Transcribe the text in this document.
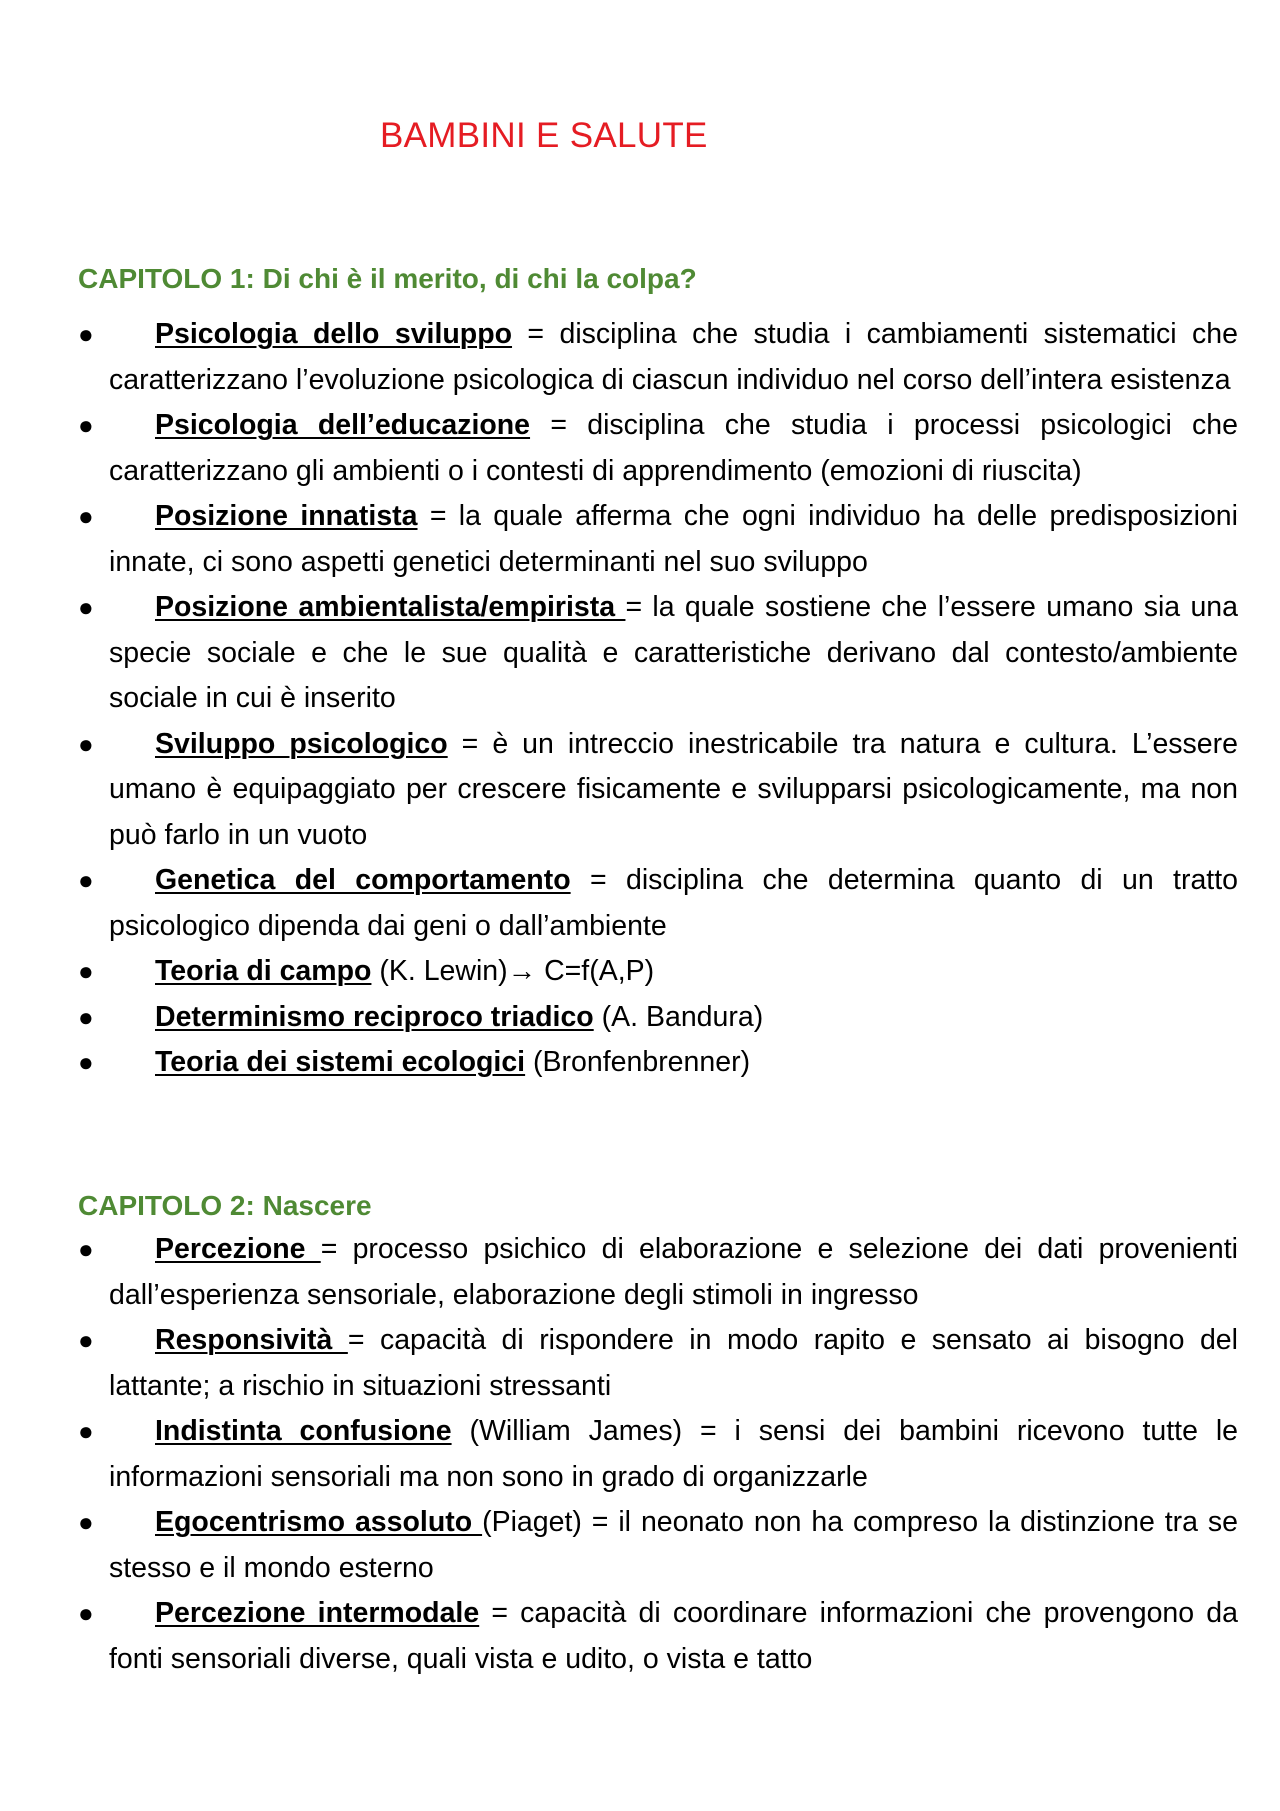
BAMBINI E SALUTE
CAPITOLO 1: Di chi è il merito, di chi la colpa?
● Psicologia dello sviluppo = disciplina che studia i cambiamenti sistematici che caratterizzano l’evoluzione psicologica di ciascun individuo nel corso dell’intera esistenza
● Psicologia dell’educazione = disciplina che studia i processi psicologici che caratterizzano gli ambienti o i contesti di apprendimento (emozioni di riuscita)
● Posizione innatista = la quale afferma che ogni individuo ha delle predisposizioni innate, ci sono aspetti genetici determinanti nel suo sviluppo
● Posizione ambientalista/empirista = la quale sostiene che l’essere umano sia una specie sociale e che le sue qualità e caratteristiche derivano dal contesto/ambiente sociale in cui è inserito
● Sviluppo psicologico = è un intreccio inestricabile tra natura e cultura. L’essere umano è equipaggiato per crescere fisicamente e svilupparsi psicologicamente, ma non può farlo in un vuoto
● Genetica del comportamento = disciplina che determina quanto di un tratto psicologico dipenda dai geni o dall’ambiente
● Teoria di campo (K. Lewin)→ C=f(A,P)
● Determinismo reciproco triadico (A. Bandura)
● Teoria dei sistemi ecologici (Bronfenbrenner)
CAPITOLO 2: Nascere
● Percezione = processo psichico di elaborazione e selezione dei dati provenienti dall’esperienza sensoriale, elaborazione degli stimoli in ingresso
● Responsività = capacità di rispondere in modo rapito e sensato ai bisogno del lattante; a rischio in situazioni stressanti
● Indistinta confusione (William James) = i sensi dei bambini ricevono tutte le informazioni sensoriali ma non sono in grado di organizzarle
● Egocentrismo assoluto (Piaget) = il neonato non ha compreso la distinzione tra se stesso e il mondo esterno
● Percezione intermodale = capacità di coordinare informazioni che provengono da fonti sensoriali diverse, quali vista e udito, o vista e tatto
